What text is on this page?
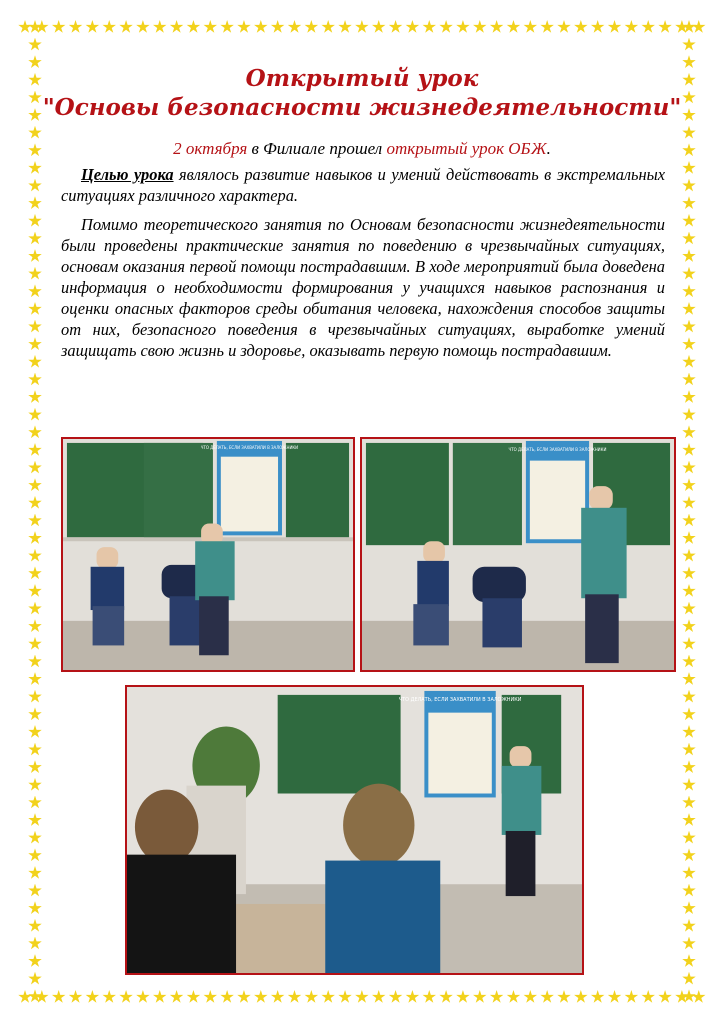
Открытый урок
"Основы безопасности жизнедеятельности"
2 октября в Филиале прошел открытый урок ОБЖ.

Целью урока являлось развитие навыков и умений действовать в экстремальных ситуациях различного характера.

Помимо теоретического занятия по Основам безопасности жизнедеятельности были проведены практические занятия по поведению в чрезвычайных ситуациях, основам оказания первой помощи пострадавшим. В ходе мероприятий была доведена информация о необходимости формирования у учащихся навыков распознания и оценки опасных факторов среды обитания человека, нахождения способов защиты от них, безопасного поведения в чрезвычайных ситуациях, выработке умений защищать свою жизнь и здоровье, оказывать первую помощь пострадавшим.

ЧТО ДЕЛАТЬ, ЕСЛИ ЗАХВАТИЛИ В ЗАЛОЖНИКИ	ЧТО ДЕЛАТЬ, ЕСЛИ ЗАХВАТИЛИ В ЗАЛОЖНИКИ
ЧТО ДЕЛАТЬ, ЕСЛИ ЗАХВАТИЛИ В ЗАЛОЖНИКИ
